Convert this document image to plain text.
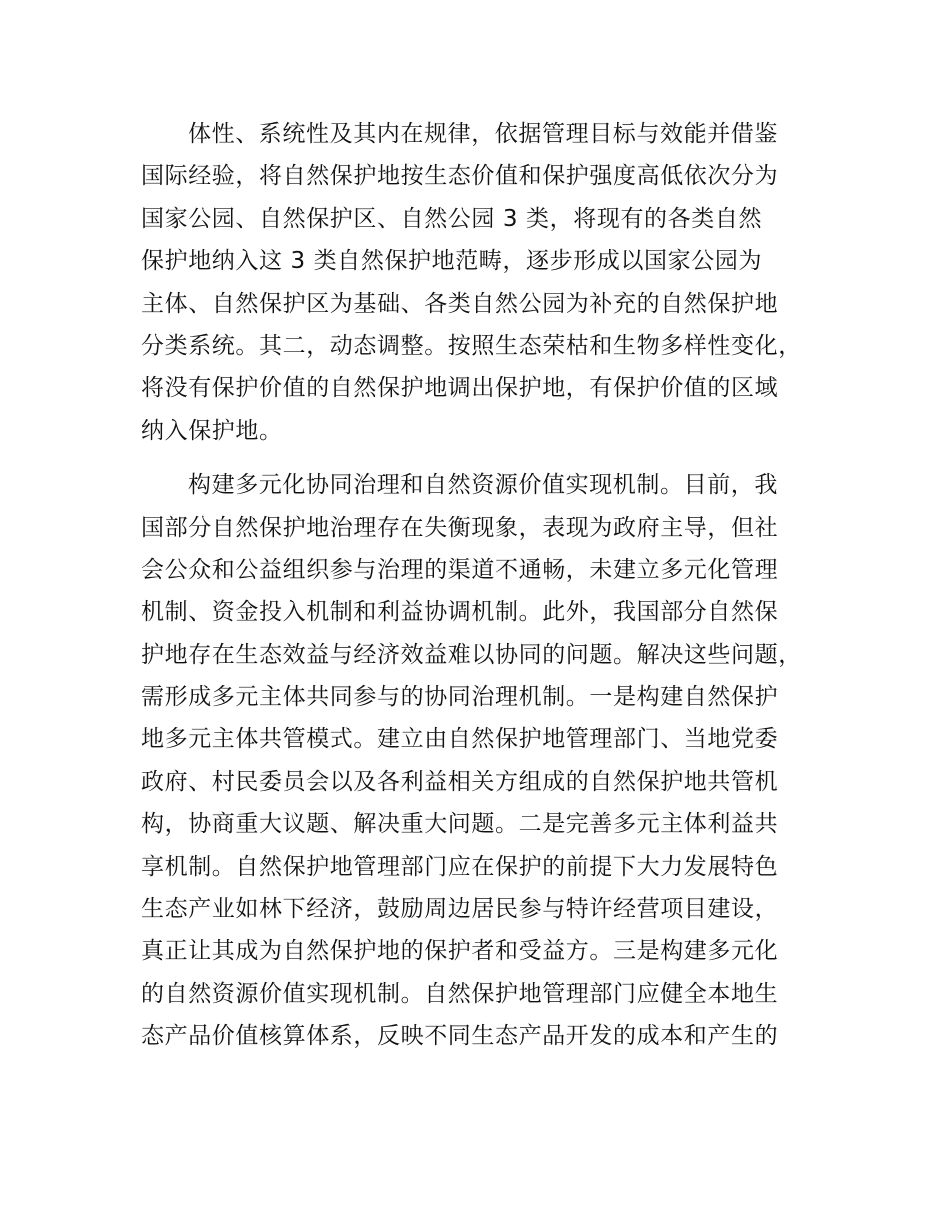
体性、系统性及其内在规律，依据管理目标与效能并借鉴
国际经验，将自然保护地按生态价值和保护强度高低依次分为
国家公园、自然保护区、自然公园 3 类，将现有的各类自然
保护地纳入这 3 类自然保护地范畴，逐步形成以国家公园为
主体、自然保护区为基础、各类自然公园为补充的自然保护地
分类系统。其二，动态调整。按照生态荣枯和生物多样性变化，
将没有保护价值的自然保护地调出保护地，有保护价值的区域
纳入保护地。
构建多元化协同治理和自然资源价值实现机制。目前，我
国部分自然保护地治理存在失衡现象，表现为政府主导，但社
会公众和公益组织参与治理的渠道不通畅，未建立多元化管理
机制、资金投入机制和利益协调机制。此外，我国部分自然保
护地存在生态效益与经济效益难以协同的问题。解决这些问题，
需形成多元主体共同参与的协同治理机制。一是构建自然保护
地多元主体共管模式。建立由自然保护地管理部门、当地党委
政府、村民委员会以及各利益相关方组成的自然保护地共管机
构，协商重大议题、解决重大问题。二是完善多元主体利益共
享机制。自然保护地管理部门应在保护的前提下大力发展特色
生态产业如林下经济，鼓励周边居民参与特许经营项目建设，
真正让其成为自然保护地的保护者和受益方。三是构建多元化
的自然资源价值实现机制。自然保护地管理部门应健全本地生
态产品价值核算体系，反映不同生态产品开发的成本和产生的
